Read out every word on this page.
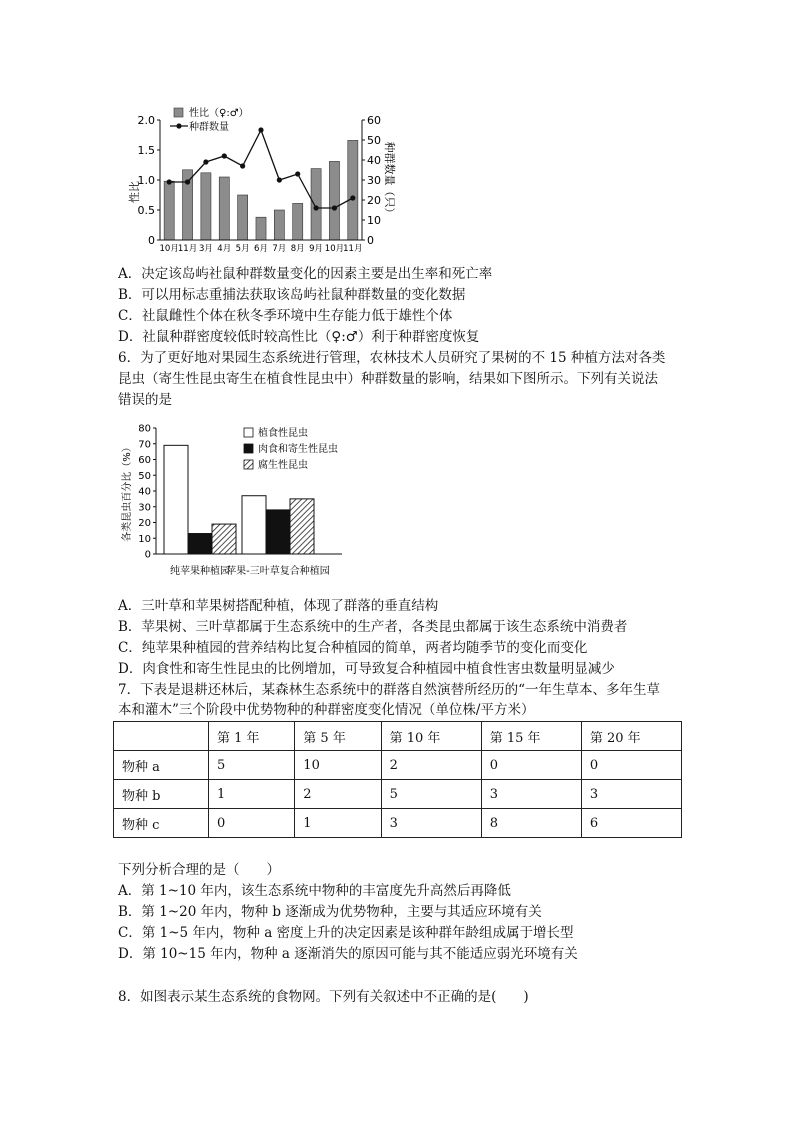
0
0.5
1.0
1.5
2.0
0
10
20
30
40
50
60
10月 11月 3月 4月 5月 6月 7月 8月 9月 10月 11月
性比	种群数量（只）
性比（♀:♂）
种群数量
A．决定该岛屿社鼠种群数量变化的因素主要是出生率和死亡率
B．可以用标志重捕法获取该岛屿社鼠种群数量的变化数据
C．社鼠雌性个体在秋冬季环境中生存能力低于雄性个体
D．社鼠种群密度较低时较高性比（♀:♂）利于种群密度恢复
6．为了更好地对果园生态系统进行管理，农林技术人员研究了果树的不 15 种植方法对各类
昆虫（寄生性昆虫寄生在植食性昆虫中）种群数量的影响，结果如下图所示。下列有关说法
错误的是
0
10
20
30
40
50
60
70
80
纯苹果种植园
苹果-三叶草复合种植园
各类昆虫百分比（%）
植食性昆虫
肉食和寄生性昆虫
腐生性昆虫
A．三叶草和苹果树搭配种植，体现了群落的垂直结构
B．苹果树、三叶草都属于生态系统中的生产者，各类昆虫都属于该生态系统中消费者
C．纯苹果种植园的营养结构比复合种植园的简单，两者均随季节的变化而变化
D．肉食性和寄生性昆虫的比例增加，可导致复合种植园中植食性害虫数量明显减少
7．下表是退耕还林后，某森林生态系统中的群落自然演替所经历的“一年生草本、多年生草
本和灌木”三个阶段中优势物种的种群密度变化情况（单位株/平方米）
	第 1 年	第 5 年	第 10 年	第 15 年	第 20 年
物种 a	5	10	2	0	0
物种 b	1	2	5	3	3
物种 c	0	1	3	8	6
下列分析合理的是（　　）
A．第 1~10 年内，该生态系统中物种的丰富度先升高然后再降低
B．第 1~20 年内，物种 b 逐渐成为优势物种，主要与其适应环境有关
C．第 1~5 年内，物种 a 密度上升的决定因素是该种群年龄组成属于增长型
D．第 10~15 年内，物种 a 逐渐消失的原因可能与其不能适应弱光环境有关
8．如图表示某生态系统的食物网。下列有关叙述中不正确的是(　　)
